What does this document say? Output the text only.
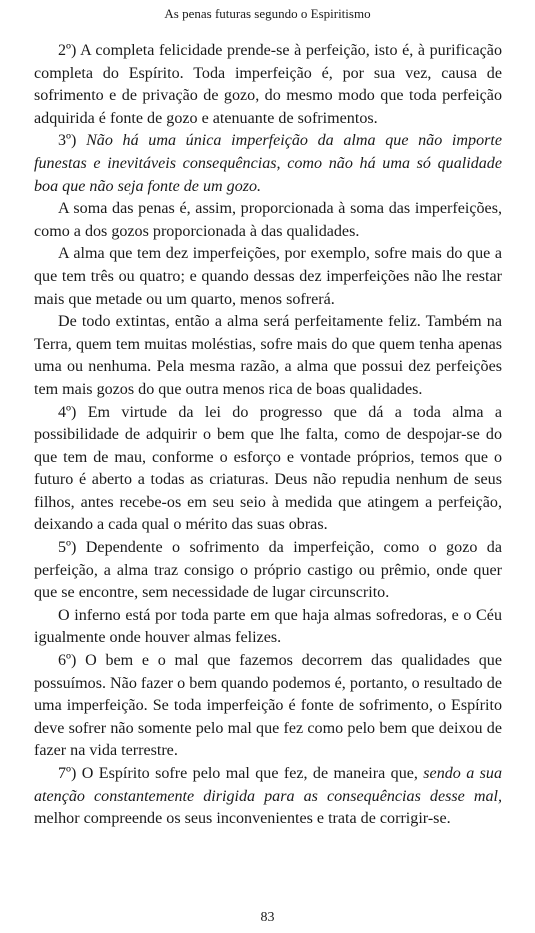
As penas futuras segundo o Espiritismo

2º) A completa felicidade prende-se à perfeição, isto é, à purificação completa do Espírito. Toda imperfeição é, por sua vez, causa de sofrimento e de privação de gozo, do mesmo modo que toda perfeição adquirida é fonte de gozo e atenuante de sofrimentos.

3º) Não há uma única imperfeição da alma que não importe funestas e inevitáveis consequências, como não há uma só qualidade boa que não seja fonte de um gozo.

A soma das penas é, assim, proporcionada à soma das imperfeições, como a dos gozos proporcionada à das qualidades.

A alma que tem dez imperfeições, por exemplo, sofre mais do que a que tem três ou quatro; e quando dessas dez imperfeições não lhe restar mais que metade ou um quarto, menos sofrerá.

De todo extintas, então a alma será perfeitamente feliz. Também na Terra, quem tem muitas moléstias, sofre mais do que quem tenha apenas uma ou nenhuma. Pela mesma razão, a alma que possui dez perfeições tem mais gozos do que outra menos rica de boas qualidades.

4º) Em virtude da lei do progresso que dá a toda alma a possibilidade de adquirir o bem que lhe falta, como de despojar-se do que tem de mau, conforme o esforço e vontade próprios, temos que o futuro é aberto a todas as criaturas. Deus não repudia nenhum de seus filhos, antes recebe-os em seu seio à medida que atingem a perfeição, deixando a cada qual o mérito das suas obras.

5º) Dependente o sofrimento da imperfeição, como o gozo da perfeição, a alma traz consigo o próprio castigo ou prêmio, onde quer que se encontre, sem necessidade de lugar circunscrito.

O inferno está por toda parte em que haja almas sofredoras, e o Céu igualmente onde houver almas felizes.

6º) O bem e o mal que fazemos decorrem das qualidades que possuímos. Não fazer o bem quando podemos é, portanto, o resultado de uma imperfeição. Se toda imperfeição é fonte de sofrimento, o Espírito deve sofrer não somente pelo mal que fez como pelo bem que deixou de fazer na vida terrestre.

7º) O Espírito sofre pelo mal que fez, de maneira que, sendo a sua atenção constantemente dirigida para as consequências desse mal, melhor compreende os seus inconvenientes e trata de corrigir-se.

83
